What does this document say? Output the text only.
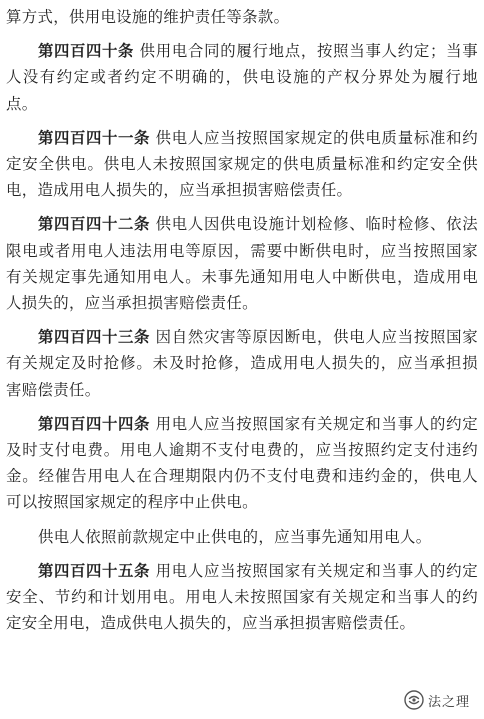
算方式，供用电设施的维护责任等条款。

第四百四十条 供用电合同的履行地点，按照当事人约定；当事人没有约定或者约定不明确的，供电设施的产权分界处为履行地点。

第四百四十一条 供电人应当按照国家规定的供电质量标准和约定安全供电。供电人未按照国家规定的供电质量标准和约定安全供电，造成用电人损失的，应当承担损害赔偿责任。

第四百四十二条 供电人因供电设施计划检修、临时检修、依法限电或者用电人违法用电等原因，需要中断供电时，应当按照国家有关规定事先通知用电人。未事先通知用电人中断供电，造成用电人损失的，应当承担损害赔偿责任。

第四百四十三条 因自然灾害等原因断电，供电人应当按照国家有关规定及时抢修。未及时抢修，造成用电人损失的，应当承担损害赔偿责任。

第四百四十四条 用电人应当按照国家有关规定和当事人的约定及时支付电费。用电人逾期不支付电费的，应当按照约定支付违约金。经催告用电人在合理期限内仍不支付电费和违约金的，供电人可以按照国家规定的程序中止供电。

供电人依照前款规定中止供电的，应当事先通知用电人。

第四百四十五条 用电人应当按照国家有关规定和当事人的约定安全、节约和计划用电。用电人未按照国家有关规定和当事人的约定安全用电，造成供电人损失的，应当承担损害赔偿责任。

法之理
